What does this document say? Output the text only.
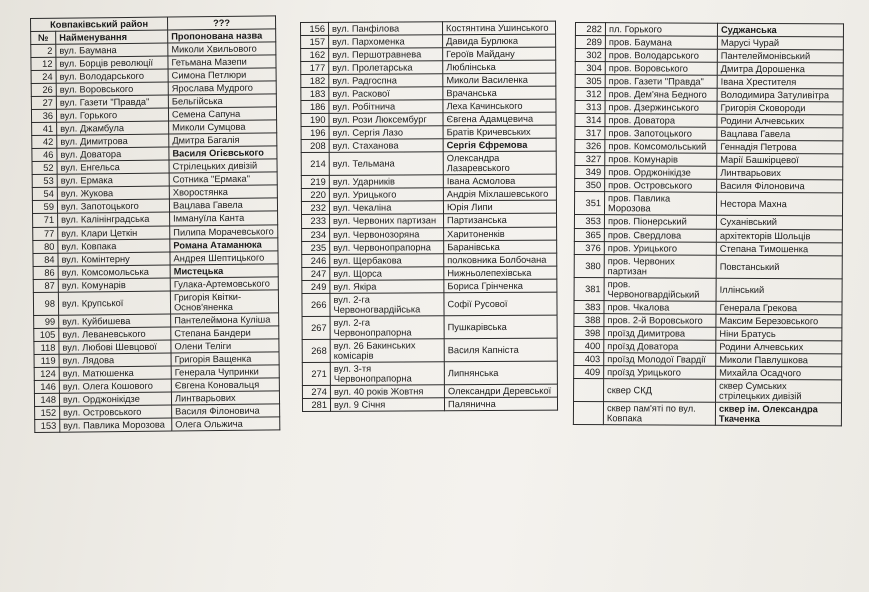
Ковпаківський район		???
№	Найменування	Пропонована назва
2	вул. Баумана	Миколи Хвильового
12	вул. Борців революції	Гетьмана Мазепи
24	вул. Володарського	Симона Петлюри
26	вул. Воровського	Ярослава Мудрого
27	вул. Газети "Правда"	Бельгійська
36	вул. Горького	Семена Сапуна
41	вул. Джамбула	Миколи Сумцова
42	вул. Димитрова	Дмитра Багалія
46	вул. Доватора	Василя Огієвського
52	вул. Енгельса	Стрілецьких дивізій
53	вул. Ермака	Сотника "Ермака"
54	вул. Жукова	Хворостянка
59	вул. Запотоцького	Вацлава Гавела
71	вул. Калінінградська	Іммануїла Канта
77	вул. Клари Цеткін	Пилипа Морачевського
80	вул. Ковпака	Романа Атаманюка
84	вул. Комінтерну	Андрея Шептицького
86	вул. Комсомольська	Мистецька
87	вул. Комунарів	Гулака-Артемовського
98	вул. Крупської	Григорія Квітки-Основ'яненка
99	вул. Куйбишева	Пантелеймона Куліша
105	вул. Леваневського	Степана Бандери
118	вул. Любові Шевцової	Олени Теліги
119	вул. Лядова	Григорія Ващенка
124	вул. Матюшенка	Генерала Чупринки
146	вул. Олега Кошового	Євгена Коновальця
148	вул. Орджонікідзе	Линтварьових
152	вул. Островського	Василя Філоновича
153	вул. Павлика Морозова	Олега Ольжича
156	вул. Панфілова	Костянтина Ушинського
157	вул. Пархоменка	Давида Бурлюка
162	вул. Першотравнева	Героїв Майдану
177	вул. Пролетарська	Люблінська
182	вул. Радгоспна	Миколи Василенка
183	вул. Раскової	Врачанська
186	вул. Робітнича	Леха Качинського
190	вул. Рози Люксембург	Євгена Адамцевича
196	вул. Сергія Лазо	Братів Кричевських
208	вул. Стаханова	Сергія Єфремова
214	вул. Тельмана	Олександра Лазаревського
219	вул. Ударників	Івана Асмолова
220	вул. Урицького	Андрія Міхлашевського
232	вул. Чекаліна	Юрія Липи
233	вул. Червоних партизан	Партизанська
234	вул. Червонозоряна	Харитоненків
235	вул. Червонопрапорна	Баранівська
246	вул. Щербакова	полковника Болбочана
247	вул. Щорса	Нижньолепехівська
249	вул. Якіра	Бориса Грінченка
266	вул. 2-га Червоногвардійська	Софії Русової
267	вул. 2-га Червонопрапорна	Пушкарівська
268	вул. 26 Бакинських комісарів	Василя Капніста
271	вул. 3-тя Червонопрапорна	Липнянська
274	вул. 40 років Жовтня	Олександри Деревської
281	вул. 9 Січня	Палянична
282	пл. Горького	Суджанська
289	пров. Баумана	Марусі Чурай
302	пров. Володарського	Пантелеймонівський
304	пров. Воровського	Дмитра Дорошенка
305	пров. Газети "Правда"	Івана Хрестителя
312	пров. Дем'яна Бедного	Володимира Затуливітра
313	пров. Дзержинського	Григорія Сковороди
314	пров. Доватора	Родини Алчевських
317	пров. Запотоцького	Вацлава Гавела
326	пров. Комсомольський	Геннадія Петрова
327	пров. Комунарів	Марії Башкірцевої
349	пров. Орджонікідзе	Линтварьових
350	пров. Островського	Василя Філоновича
351	пров. Павлика Морозова	Нестора Махна
353	пров. Піонерський	Суханівський
365	пров. Свердлова	архітекторів Шольців
376	пров. Урицького	Степана Тимошенка
380	пров. Червоних партизан	Повстанський
381	пров. Червоногвардійський	Іллінський
383	пров. Чкалова	Генерала Грекова
388	пров. 2-й Воровського	Максим Березовського
398	проїзд Димитрова	Ніни Братусь
400	проїзд Доватора	Родини Алчевських
403	проїзд Молодої Гвардії	Миколи Павлушкова
409	проїзд Урицького	Михайла Осадчого
	сквер СКД	сквер Сумських стрілецьких дивізій
	сквер пам'яті по вул. Ковпака	сквер ім. Олександра Ткаченка
